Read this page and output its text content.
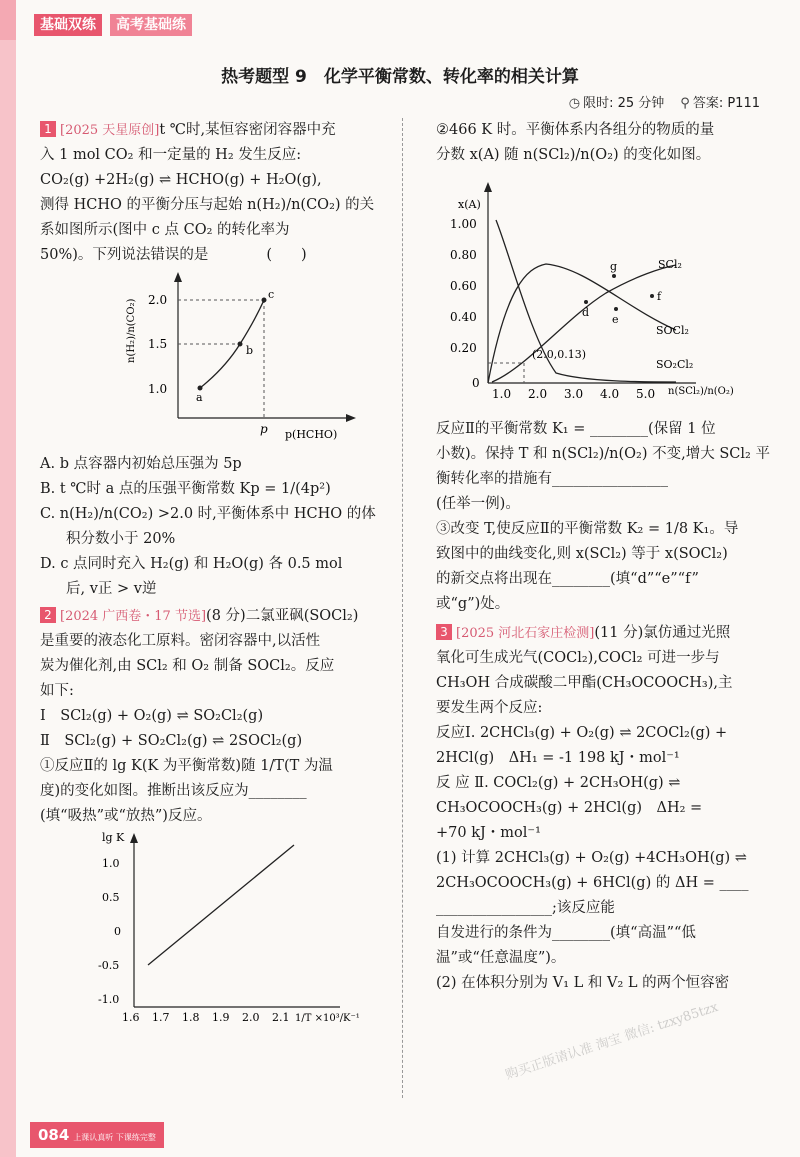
基础双练	高考基础练
热考题型 9　化学平衡常数、转化率的相关计算
◷ 限时: 25 分钟 ⚲ 答案: P111

1 [2025 天星原创]t ℃时,某恒容密闭容器中充

入 1 mol CO₂ 和一定量的 H₂ 发生反应:

CO₂(g) +2H₂(g) ⇌ HCHO(g) + H₂O(g),

测得 HCHO 的平衡分压与起始 n(H₂)/n(CO₂) 的关

系如图所示(图中 c 点 CO₂ 的转化率为

50%)。下列说法错误的是　　　　(　　)

n(H₂)/n(CO₂)
p(HCHO)
2.0
1.5
1.0
p
a
b
c

A. b 点容器内初始总压强为 5p

B. t ℃时 a 点的压强平衡常数 Kp = 1/(4p²)

C. n(H₂)/n(CO₂) >2.0 时,平衡体系中 HCHO 的体

积分数小于 20%

D. c 点同时充入 H₂(g) 和 H₂O(g) 各 0.5 mol

后, v正 > v逆

2 [2024 广西卷・17 节选](8 分)二氯亚砜(SOCl₂)

是重要的液态化工原料。密闭容器中,以活性

炭为催化剂,由 SCl₂ 和 O₂ 制备 SOCl₂。反应

如下:

Ⅰ　SCl₂(g) + O₂(g) ⇌ SO₂Cl₂(g)

Ⅱ　SCl₂(g) + SO₂Cl₂(g) ⇌ 2SOCl₂(g)

①反应Ⅱ的 lg K(K 为平衡常数)随 1/T(T 为温

度)的变化如图。推断出该反应为________

(填“吸热”或“放热”)反应。

lg K
1.0
0.5
0
-0.5
-1.0
1.6 1.7 1.8 1.9 2.0 2.1 1/T ×10³/K⁻¹

②466 K 时。平衡体系内各组分的物质的量

分数 x(A) 随 n(SCl₂)/n(O₂) 的变化如图。

x(A)
1.00
0.80
0.60
0.40
0.20
0
1.0 2.0 3.0 4.0 5.0 n(SCl₂)/n(O₂)
g
f
d
e
SCl₂
SOCl₂
SO₂Cl₂
(2.0,0.13)

反应Ⅱ的平衡常数 K₁ = ________(保留 1 位

小数)。保持 T 和 n(SCl₂)/n(O₂) 不变,增大 SCl₂ 平

衡转化率的措施有________________

(任举一例)。

③改变 T,使反应Ⅱ的平衡常数 K₂ = 1/8 K₁。导

致图中的曲线变化,则 x(SCl₂) 等于 x(SOCl₂)

的新交点将出现在________(填“d”“e”“f”

或“g”)处。

3 [2025 河北石家庄检测](11 分)氯仿通过光照

氧化可生成光气(COCl₂),COCl₂ 可进一步与

CH₃OH 合成碳酸二甲酯(CH₃OCOOCH₃),主

要发生两个反应:

反应Ⅰ. 2CHCl₃(g) + O₂(g) ⇌ 2COCl₂(g) +

2HCl(g)　ΔH₁ = -1 198 kJ・mol⁻¹

反 应 Ⅱ. COCl₂(g) + 2CH₃OH(g) ⇌

CH₃OCOOCH₃(g) + 2HCl(g)　ΔH₂ =

+70 kJ・mol⁻¹

(1) 计算 2CHCl₃(g) + O₂(g) +4CH₃OH(g) ⇌

2CH₃OCOOCH₃(g) + 6HCl(g) 的 ΔH = ____

________________;该反应能

自发进行的条件为________(填“高温”“低

温”或“任意温度”)。

(2) 在体积分别为 V₁ L 和 V₂ L 的两个恒容密

购买正版请认准 淘宝 微信: tzxy85tzx
084 上课认真听 下课练完整
